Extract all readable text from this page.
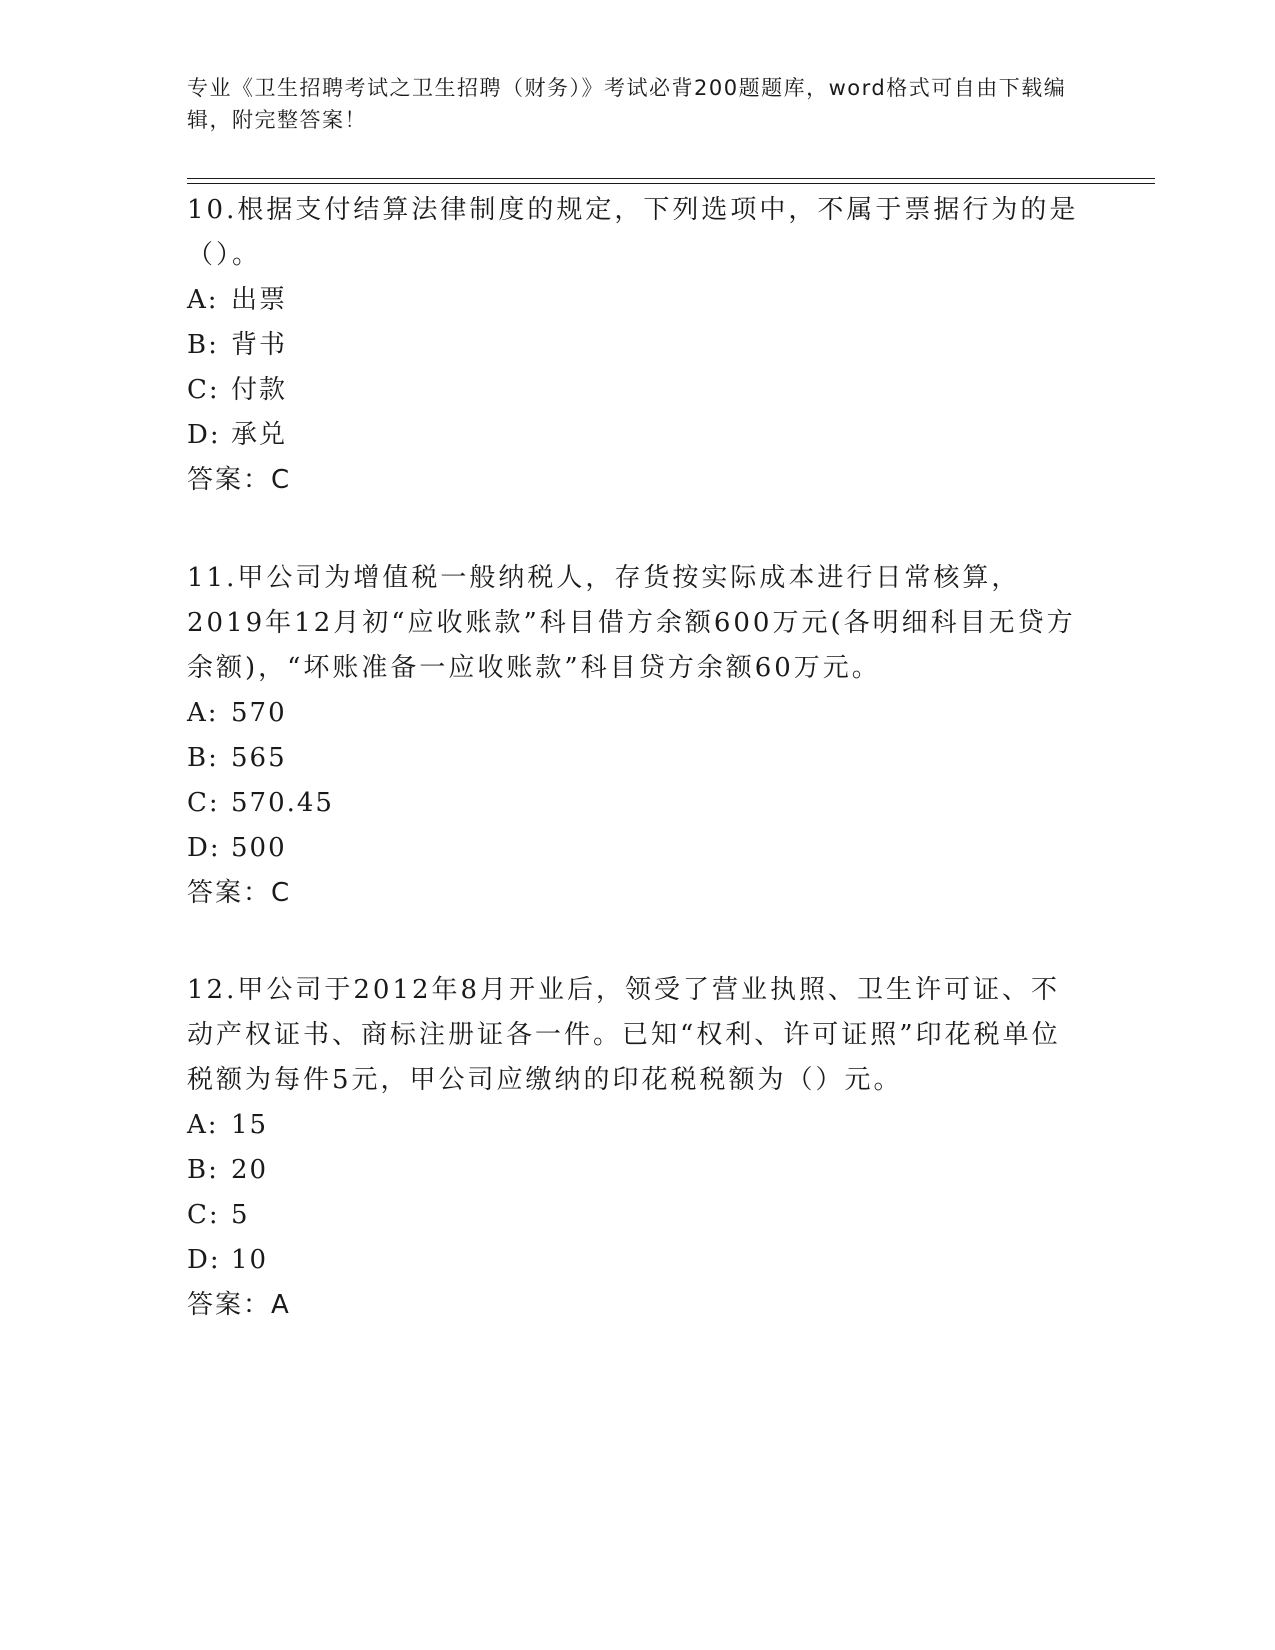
专业《卫生招聘考试之卫生招聘（财务）》考试必背200题题库，word格式可自由下载编辑，附完整答案！

10.根据支付结算法律制度的规定，下列选项中，不属于票据行为的是（）。

A: 出票

B: 背书

C: 付款

D: 承兑

答案：C

11.甲公司为增值税一般纳税人，存货按实际成本进行日常核算，2019年12月初“应收账款”科目借方余额600万元(各明细科目无贷方余额)，“坏账准备一应收账款”科目贷方余额60万元。

A: 570

B: 565

C: 570.45

D: 500

答案：C

12.甲公司于2012年8月开业后，领受了营业执照、卫生许可证、不动产权证书、商标注册证各一件。已知“权利、许可证照”印花税单位税额为每件5元，甲公司应缴纳的印花税税额为（）元。

A: 15

B: 20

C: 5

D: 10

答案：A
